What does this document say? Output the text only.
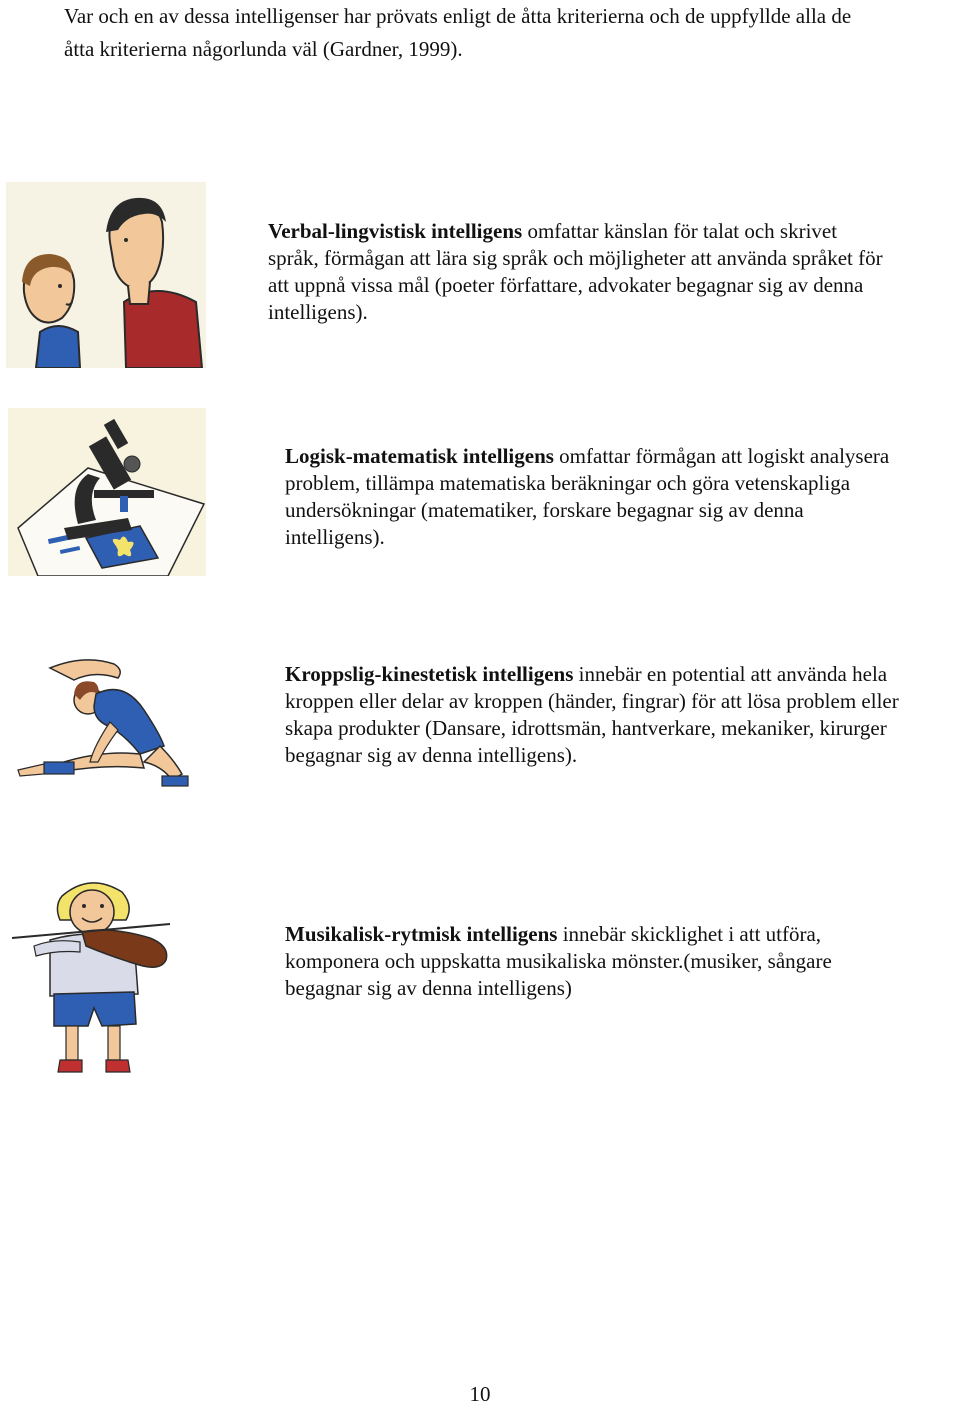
Var och en av dessa intelligenser har prövats enligt de åtta kriterierna och de uppfyllde alla de
åtta kriterierna någorlunda väl (Gardner, 1999).

Verbal-lingvistisk intelligens omfattar känslan för talat och skrivet
språk, förmågan att lära sig språk och möjligheter att använda språket för
att uppnå vissa mål (poeter författare, advokater begagnar sig av denna
intelligens).

Logisk-matematisk intelligens omfattar förmågan att logiskt analysera
problem, tillämpa matematiska beräkningar och göra vetenskapliga
undersökningar (matematiker, forskare begagnar sig av denna
intelligens).

Kroppslig-kinestetisk intelligens innebär en potential att använda hela
kroppen eller delar av kroppen (händer, fingrar) för att lösa problem eller
skapa produkter (Dansare, idrottsmän, hantverkare, mekaniker, kirurger
begagnar sig av denna intelligens).

Musikalisk-rytmisk intelligens innebär skicklighet i att utföra,
komponera och uppskatta musikaliska mönster.(musiker, sångare
begagnar sig av denna intelligens)

10
